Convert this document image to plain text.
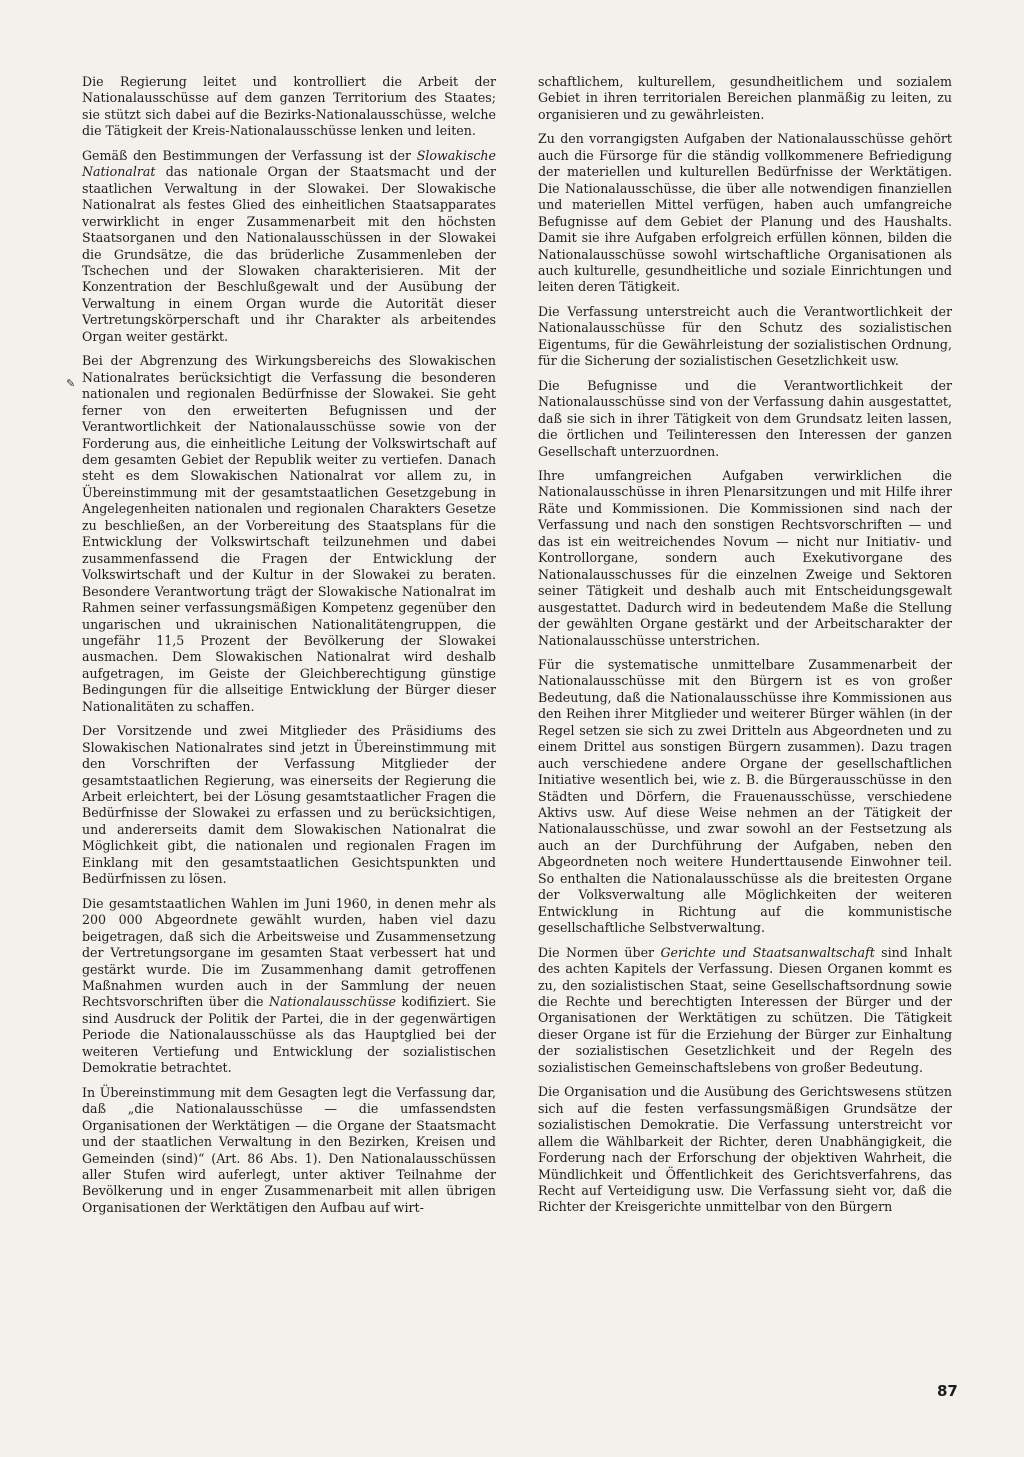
Die Regierung leitet und kontrolliert die Arbeit der Nationalausschüsse auf dem ganzen Territorium des Staates; sie stützt sich dabei auf die Bezirks-Nationalausschüsse, welche die Tätigkeit der Kreis-Nationalausschüsse lenken und leiten.

Gemäß den Bestimmungen der Verfassung ist der Slowakische Nationalrat das nationale Organ der Staatsmacht und der staatlichen Verwaltung in der Slowakei. Der Slowakische Nationalrat als festes Glied des einheitlichen Staatsapparates verwirklicht in enger Zusammenarbeit mit den höchsten Staatsorganen und den Nationalausschüssen in der Slowakei die Grundsätze, die das brüderliche Zusammenleben der Tschechen und der Slowaken charakterisieren. Mit der Konzentration der Beschlußgewalt und der Ausübung der Verwaltung in einem Organ wurde die Autorität dieser Vertretungskörperschaft und ihr Charakter als arbeitendes Organ weiter gestärkt.

Bei der Abgrenzung des Wirkungsbereichs des Slowakischen Nationalrates berücksichtigt die Verfassung die besonderen nationalen und regionalen Bedürfnisse der Slowakei. Sie geht ferner von den erweiterten Befugnissen und der Verantwortlichkeit der Nationalausschüsse sowie von der Forderung aus, die einheitliche Leitung der Volkswirtschaft auf dem gesamten Gebiet der Republik weiter zu vertiefen. Danach steht es dem Slowakischen Nationalrat vor allem zu, in Übereinstimmung mit der gesamtstaatlichen Gesetzgebung in Angelegenheiten nationalen und regionalen Charakters Gesetze zu beschließen, an der Vorbereitung des Staatsplans für die Entwicklung der Volkswirtschaft teilzunehmen und dabei zusammenfassend die Fragen der Entwicklung der Volkswirtschaft und der Kultur in der Slowakei zu beraten. Besondere Verantwortung trägt der Slowakische Nationalrat im Rahmen seiner verfassungsmäßigen Kompetenz gegenüber den ungarischen und ukrainischen Nationalitätengruppen, die ungefähr 11,5 Prozent der Bevölkerung der Slowakei ausmachen. Dem Slowakischen Nationalrat wird deshalb aufgetragen, im Geiste der Gleichberechtigung günstige Bedingungen für die allseitige Entwicklung der Bürger dieser Nationalitäten zu schaffen.

Der Vorsitzende und zwei Mitglieder des Präsidiums des Slowakischen Nationalrates sind jetzt in Übereinstimmung mit den Vorschriften der Verfassung Mitglieder der gesamtstaatlichen Regierung, was einerseits der Regierung die Arbeit erleichtert, bei der Lösung gesamtstaatlicher Fragen die Bedürfnisse der Slowakei zu erfassen und zu berücksichtigen, und andererseits damit dem Slowakischen Nationalrat die Möglichkeit gibt, die nationalen und regionalen Fragen im Einklang mit den gesamtstaatlichen Gesichtspunkten und Bedürfnissen zu lösen.

Die gesamtstaatlichen Wahlen im Juni 1960, in denen mehr als 200 000 Abgeordnete gewählt wurden, haben viel dazu beigetragen, daß sich die Arbeitsweise und Zusammensetzung der Vertretungsorgane im gesamten Staat verbessert hat und gestärkt wurde. Die im Zusammenhang damit getroffenen Maßnahmen wurden auch in der Sammlung der neuen Rechtsvorschriften über die Nationalausschüsse kodifiziert. Sie sind Ausdruck der Politik der Partei, die in der gegenwärtigen Periode die Nationalausschüsse als das Hauptglied bei der weiteren Vertiefung und Entwicklung der sozialistischen Demokratie betrachtet.

In Übereinstimmung mit dem Gesagten legt die Verfassung dar, daß „die Nationalausschüsse — die umfassendsten Organisationen der Werktätigen — die Organe der Staatsmacht und der staatlichen Verwaltung in den Bezirken, Kreisen und Gemeinden (sind)“ (Art. 86 Abs. 1). Den Nationalausschüssen aller Stufen wird auferlegt, unter aktiver Teilnahme der Bevölkerung und in enger Zusammenarbeit mit allen übrigen Organisationen der Werktätigen den Aufbau auf wirt-

schaftlichem, kulturellem, gesundheitlichem und sozialem Gebiet in ihren territorialen Bereichen planmäßig zu leiten, zu organisieren und zu gewährleisten.

Zu den vorrangigsten Aufgaben der Nationalausschüsse gehört auch die Fürsorge für die ständig vollkommenere Befriedigung der materiellen und kulturellen Bedürfnisse der Werktätigen. Die Nationalausschüsse, die über alle notwendigen finanziellen und materiellen Mittel verfügen, haben auch umfangreiche Befugnisse auf dem Gebiet der Planung und des Haushalts. Damit sie ihre Aufgaben erfolgreich erfüllen können, bilden die Nationalausschüsse sowohl wirtschaftliche Organisationen als auch kulturelle, gesundheitliche und soziale Einrichtungen und leiten deren Tätigkeit.

Die Verfassung unterstreicht auch die Verantwortlichkeit der Nationalausschüsse für den Schutz des sozialistischen Eigentums, für die Gewährleistung der sozialistischen Ordnung, für die Sicherung der sozialistischen Gesetzlichkeit usw.

Die Befugnisse und die Verantwortlichkeit der Nationalausschüsse sind von der Verfassung dahin ausgestattet, daß sie sich in ihrer Tätigkeit von dem Grundsatz leiten lassen, die örtlichen und Teilinteressen den Interessen der ganzen Gesellschaft unterzuordnen.

Ihre umfangreichen Aufgaben verwirklichen die Nationalausschüsse in ihren Plenarsitzungen und mit Hilfe ihrer Räte und Kommissionen. Die Kommissionen sind nach der Verfassung und nach den sonstigen Rechtsvorschriften — und das ist ein weitreichendes Novum — nicht nur Initiativ- und Kontrollorgane, sondern auch Exekutivorgane des Nationalausschusses für die einzelnen Zweige und Sektoren seiner Tätigkeit und deshalb auch mit Entscheidungsgewalt ausgestattet. Dadurch wird in bedeutendem Maße die Stellung der gewählten Organe gestärkt und der Arbeitscharakter der Nationalausschüsse unterstrichen.

Für die systematische unmittelbare Zusammenarbeit der Nationalausschüsse mit den Bürgern ist es von großer Bedeutung, daß die Nationalausschüsse ihre Kommissionen aus den Reihen ihrer Mitglieder und weiterer Bürger wählen (in der Regel setzen sie sich zu zwei Dritteln aus Abgeordneten und zu einem Drittel aus sonstigen Bürgern zusammen). Dazu tragen auch verschiedene andere Organe der gesellschaftlichen Initiative wesentlich bei, wie z. B. die Bürgerausschüsse in den Städten und Dörfern, die Frauenausschüsse, verschiedene Aktivs usw. Auf diese Weise nehmen an der Tätigkeit der Nationalausschüsse, und zwar sowohl an der Festsetzung als auch an der Durchführung der Aufgaben, neben den Abgeordneten noch weitere Hunderttausende Einwohner teil. So enthalten die Nationalausschüsse als die breitesten Organe der Volksverwaltung alle Möglichkeiten der weiteren Entwicklung in Richtung auf die kommunistische gesellschaftliche Selbstverwaltung.

Die Normen über Gerichte und Staatsanwaltschaft sind Inhalt des achten Kapitels der Verfassung. Diesen Organen kommt es zu, den sozialistischen Staat, seine Gesellschaftsordnung sowie die Rechte und berechtigten Interessen der Bürger und der Organisationen der Werktätigen zu schützen. Die Tätigkeit dieser Organe ist für die Erziehung der Bürger zur Einhaltung der sozialistischen Gesetzlichkeit und der Regeln des sozialistischen Gemeinschaftslebens von großer Bedeutung.

Die Organisation und die Ausübung des Gerichtswesens stützen sich auf die festen verfassungsmäßigen Grundsätze der sozialistischen Demokratie. Die Verfassung unterstreicht vor allem die Wählbarkeit der Richter, deren Unabhängigkeit, die Forderung nach der Erforschung der objektiven Wahrheit, die Mündlichkeit und Öffentlichkeit des Gerichtsverfahrens, das Recht auf Verteidigung usw. Die Verfassung sieht vor, daß die Richter der Kreisgerichte unmittelbar von den Bürgern

✎
87
